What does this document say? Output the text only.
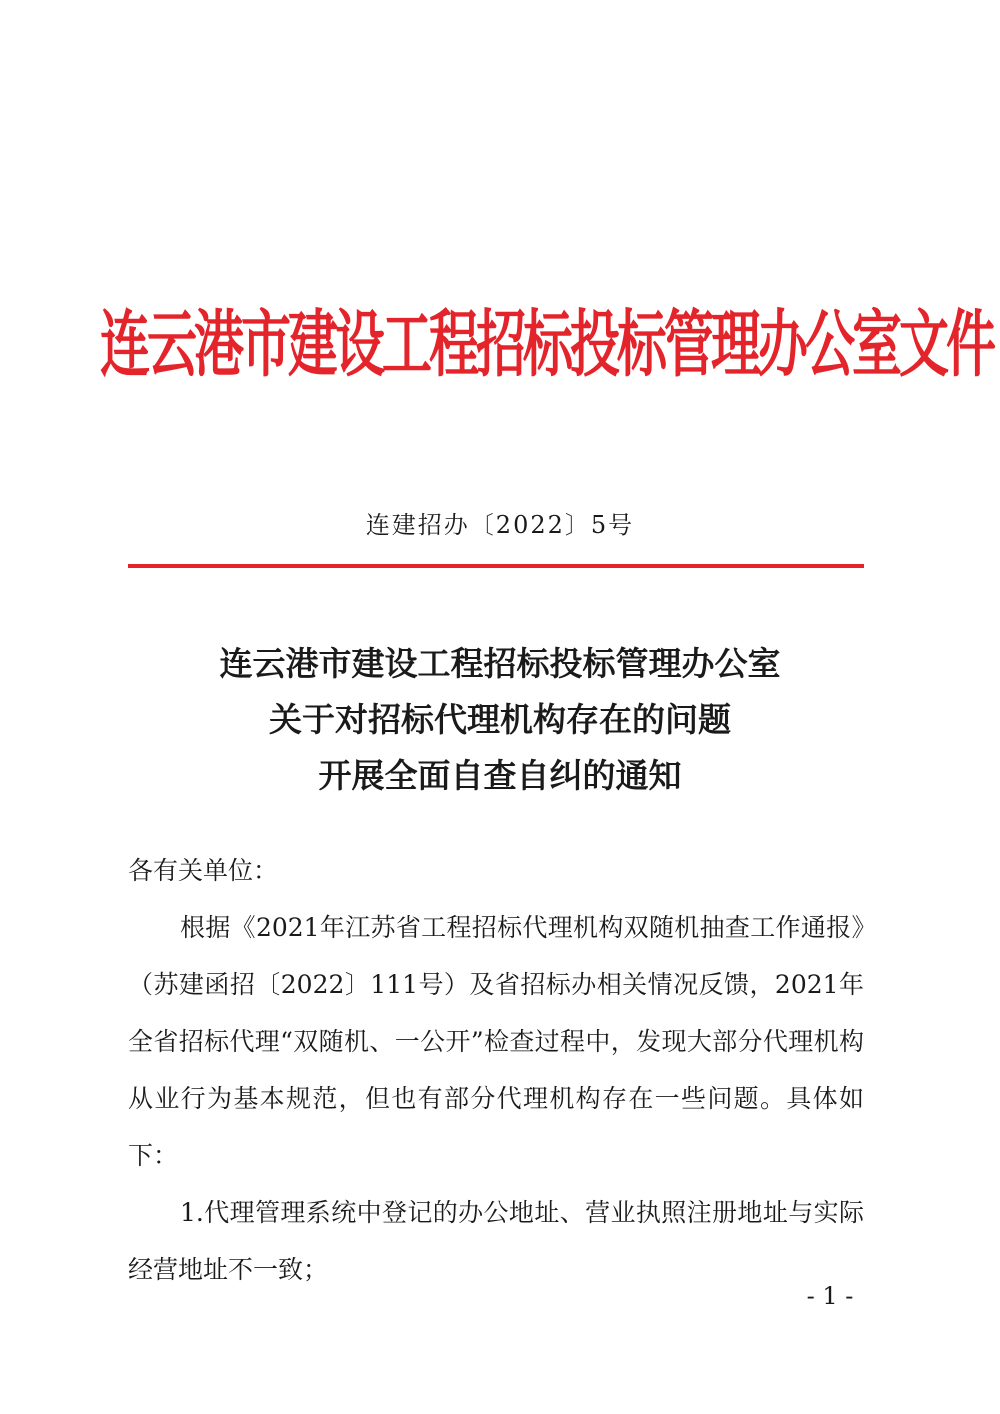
连云港市建设工程招标投标管理办公室文件
连建招办〔2022〕5号
连云港市建设工程招标投标管理办公室
关于对招标代理机构存在的问题
开展全面自查自纠的通知

各有关单位：

根据《2021年江苏省工程招标代理机构双随机抽查工作通报》（苏建函招〔2022〕111号）及省招标办相关情况反馈，2021年全省招标代理“双随机、一公开”检查过程中，发现大部分代理机构从业行为基本规范，但也有部分代理机构存在一些问题。具体如下：

1.代理管理系统中登记的办公地址、营业执照注册地址与实际经营地址不一致；

- 1 -
